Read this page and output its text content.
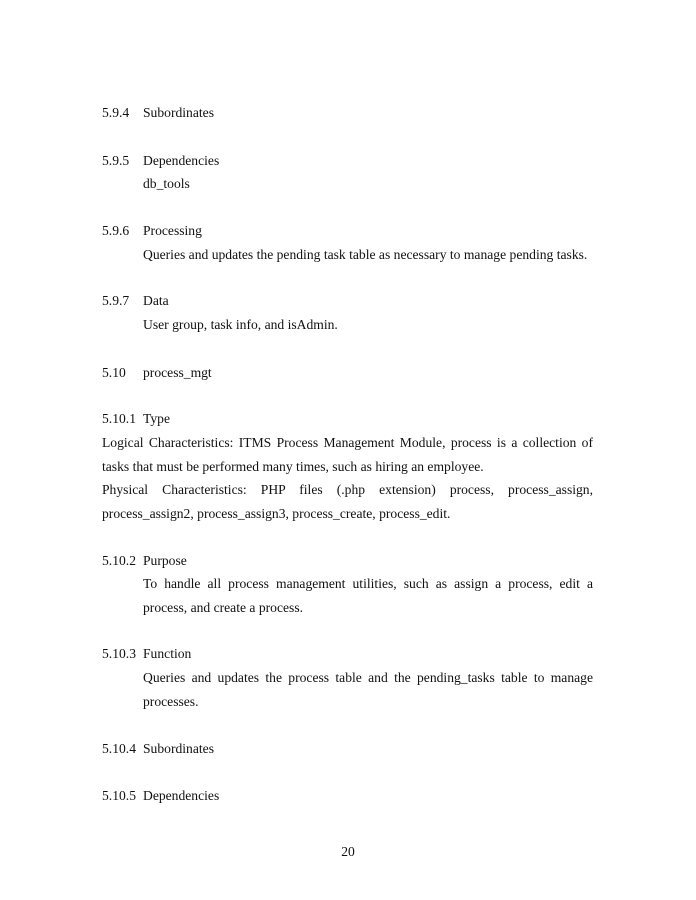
5.9.4 Subordinates
5.9.5 Dependencies
db_tools
5.9.6 Processing
Queries and updates the pending task table as necessary to manage pending tasks.
5.9.7 Data
User group, task info, and isAdmin.
5.10 process_mgt
5.10.1 Type
Logical Characteristics: ITMS Process Management Module, process is a collection of
tasks that must be performed many times, such as hiring an employee.
Physical Characteristics: PHP files (.php extension) process, process_assign,
process_assign2, process_assign3, process_create, process_edit.
5.10.2 Purpose
To handle all process management utilities, such as assign a process, edit a
process, and create a process.
5.10.3 Function
Queries and updates the process table and the pending_tasks table to manage
processes.
5.10.4 Subordinates
5.10.5 Dependencies
20
